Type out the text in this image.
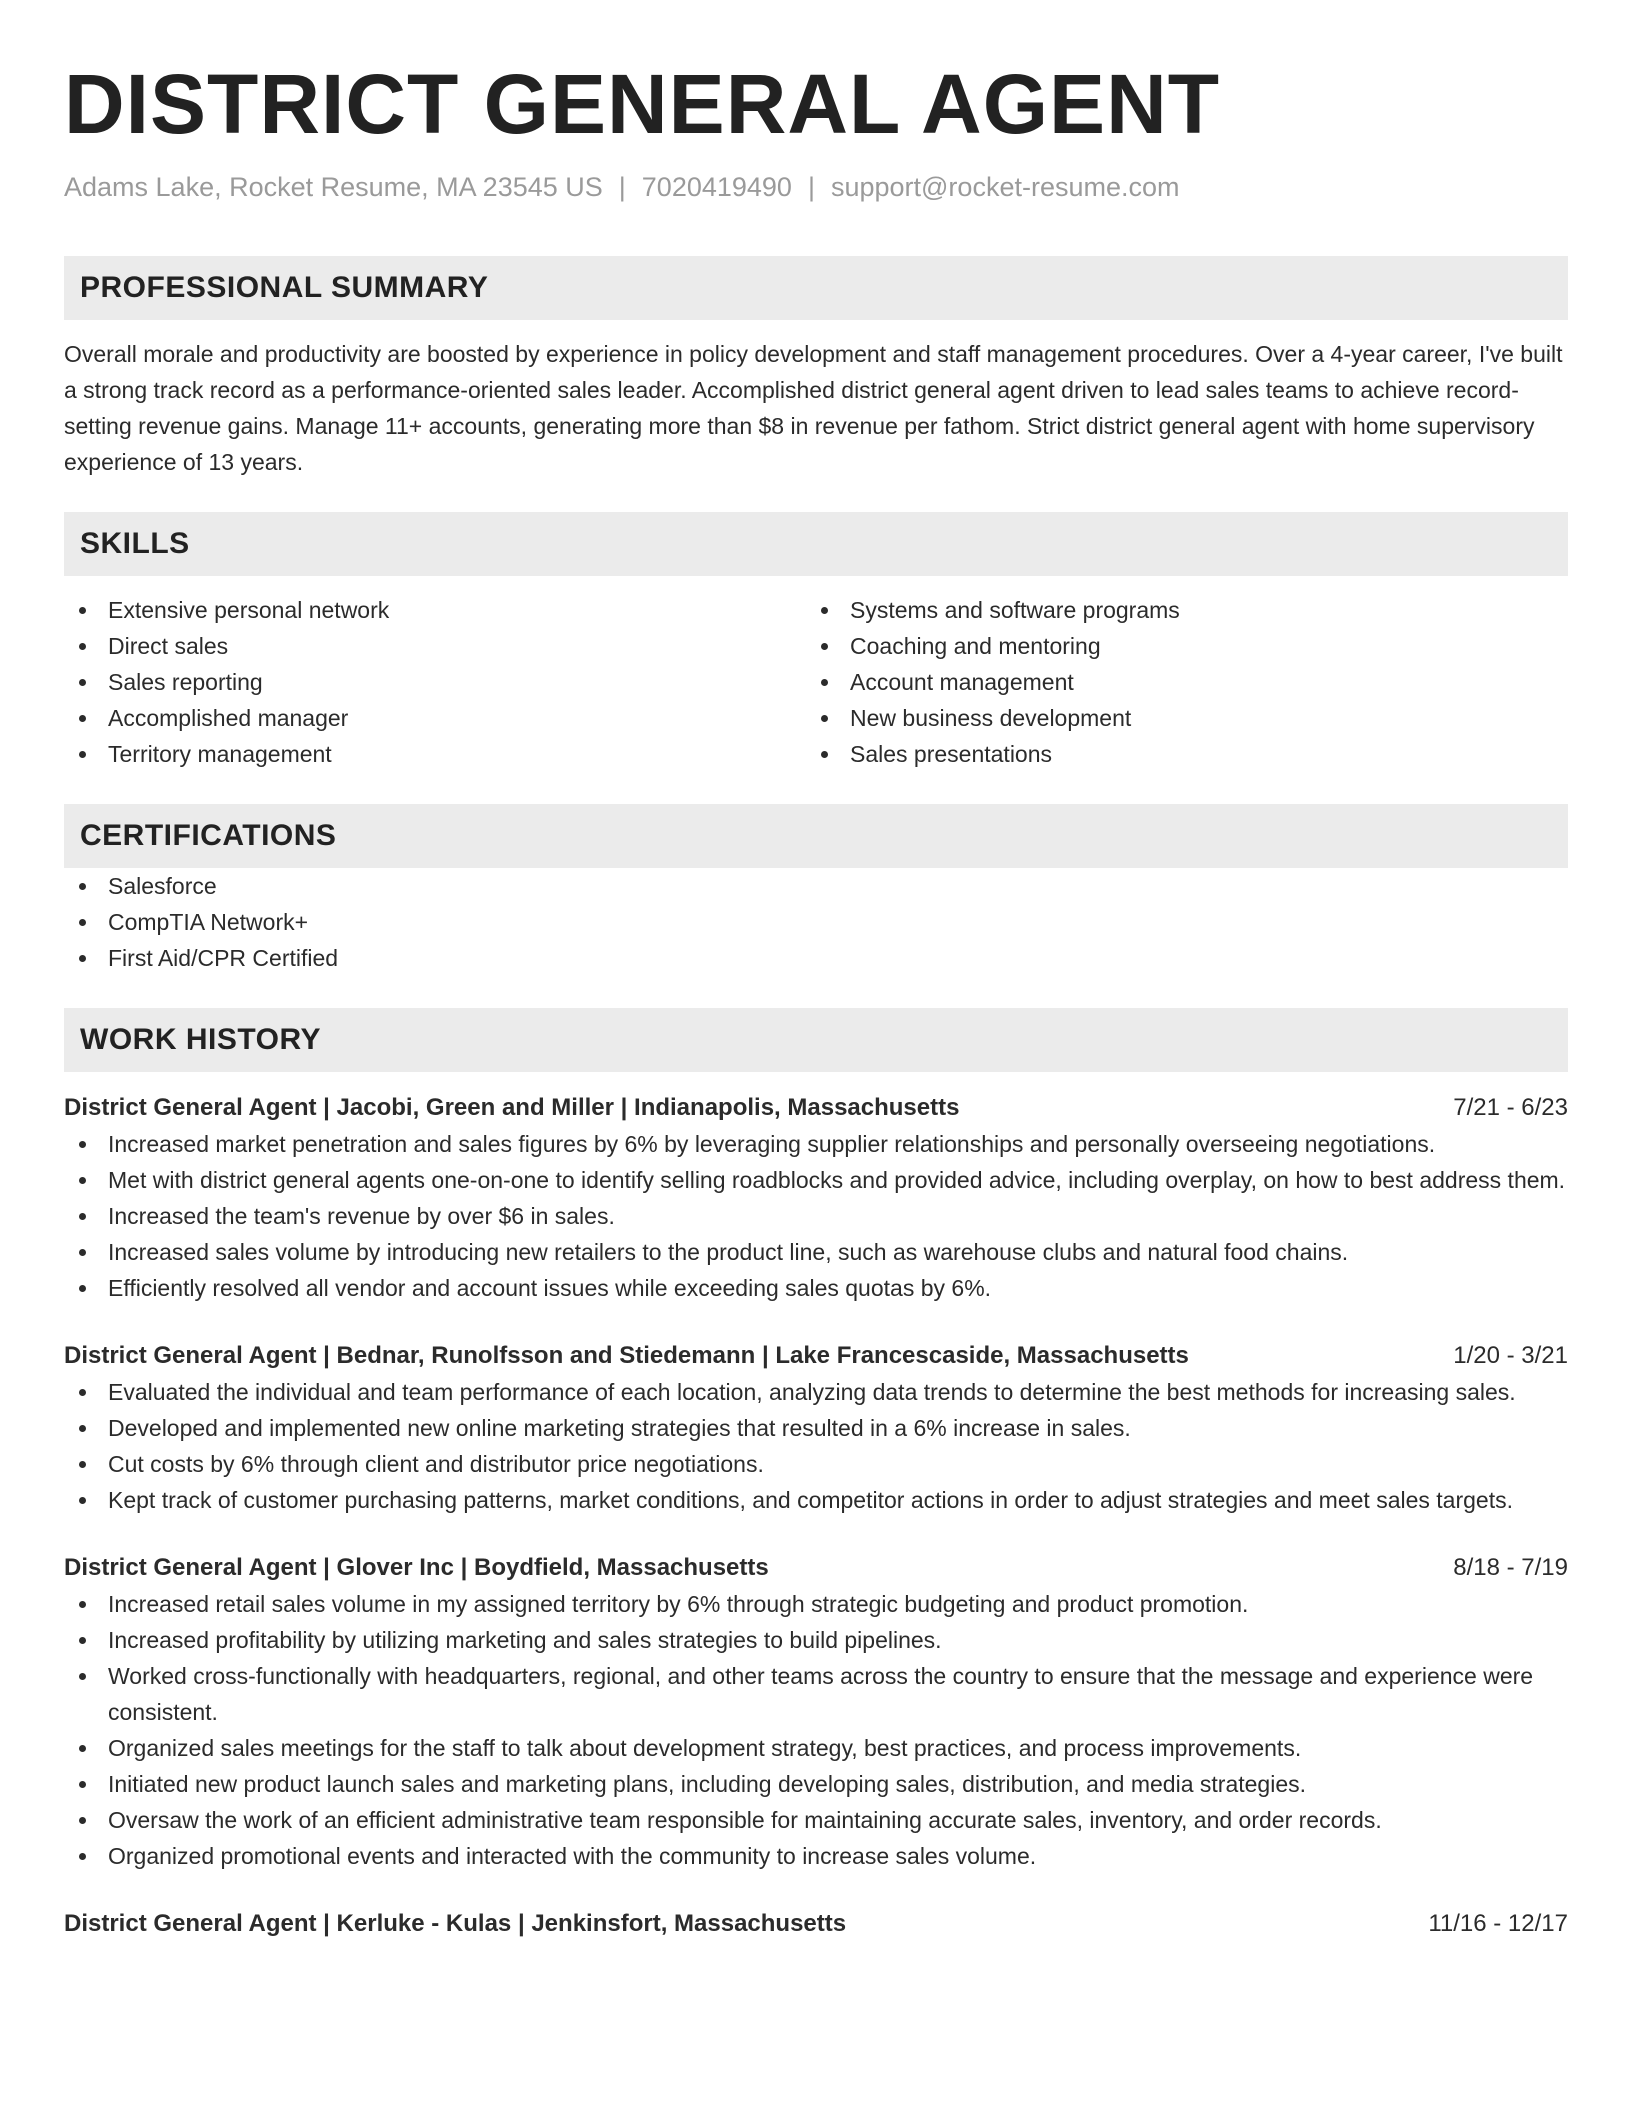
DISTRICT GENERAL AGENT
Adams Lake, Rocket Resume, MA 23545 US | 7020419490 | support@rocket-resume.com
PROFESSIONAL SUMMARY
Overall morale and productivity are boosted by experience in policy development and staff management procedures. Over a 4-year career, I've built a strong track record as a performance-oriented sales leader. Accomplished district general agent driven to lead sales teams to achieve record-setting revenue gains. Manage 11+ accounts, generating more than $8 in revenue per fathom. Strict district general agent with home supervisory experience of 13 years.
SKILLS
Extensive personal network
Direct sales
Sales reporting
Accomplished manager
Territory management
Systems and software programs
Coaching and mentoring
Account management
New business development
Sales presentations
CERTIFICATIONS
Salesforce
CompTIA Network+
First Aid/CPR Certified
WORK HISTORY
District General Agent | Jacobi, Green and Miller | Indianapolis, Massachusetts	7/21 - 6/23
Increased market penetration and sales figures by 6% by leveraging supplier relationships and personally overseeing negotiations.
Met with district general agents one-on-one to identify selling roadblocks and provided advice, including overplay, on how to best address them.
Increased the team's revenue by over $6 in sales.
Increased sales volume by introducing new retailers to the product line, such as warehouse clubs and natural food chains.
Efficiently resolved all vendor and account issues while exceeding sales quotas by 6%.
District General Agent | Bednar, Runolfsson and Stiedemann | Lake Francescaside, Massachusetts	1/20 - 3/21
Evaluated the individual and team performance of each location, analyzing data trends to determine the best methods for increasing sales.
Developed and implemented new online marketing strategies that resulted in a 6% increase in sales.
Cut costs by 6% through client and distributor price negotiations.
Kept track of customer purchasing patterns, market conditions, and competitor actions in order to adjust strategies and meet sales targets.
District General Agent | Glover Inc | Boydfield, Massachusetts	8/18 - 7/19
Increased retail sales volume in my assigned territory by 6% through strategic budgeting and product promotion.
Increased profitability by utilizing marketing and sales strategies to build pipelines.
Worked cross-functionally with headquarters, regional, and other teams across the country to ensure that the message and experience were consistent.
Organized sales meetings for the staff to talk about development strategy, best practices, and process improvements.
Initiated new product launch sales and marketing plans, including developing sales, distribution, and media strategies.
Oversaw the work of an efficient administrative team responsible for maintaining accurate sales, inventory, and order records.
Organized promotional events and interacted with the community to increase sales volume.
District General Agent | Kerluke - Kulas | Jenkinsfort, Massachusetts	11/16 - 12/17
